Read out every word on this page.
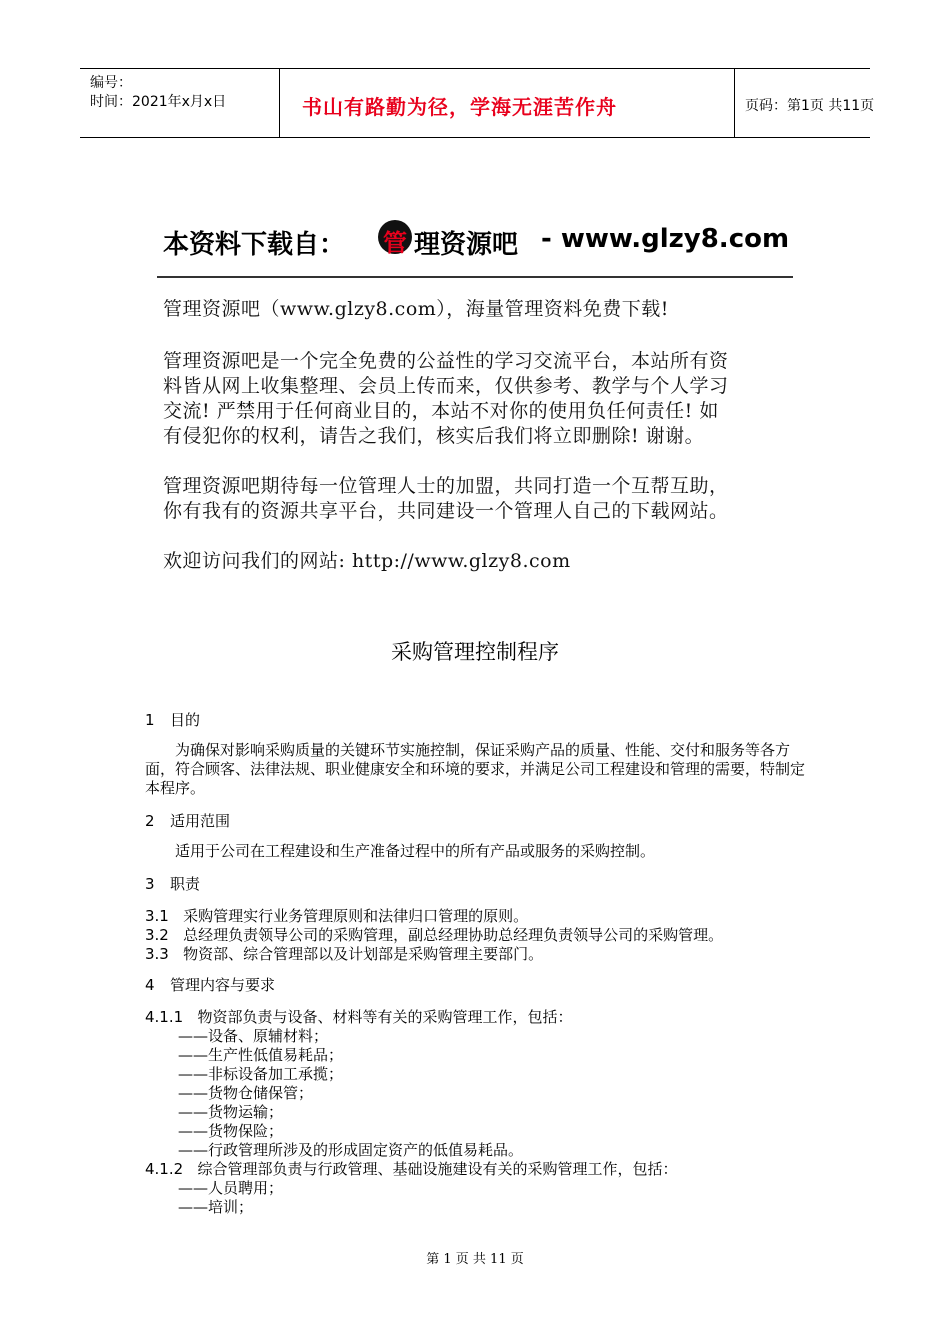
编号：
时间：2021年x月x日	书山有路勤为径，学海无涯苦作舟	页码：第1页 共11页
本资料下载自： 管 理资源吧 - www.glzy8.com
管理资源吧（www.glzy8.com），海量管理资料免费下载!
管理资源吧是一个完全免费的公益性的学习交流平台，本站所有资
料皆从网上收集整理、会员上传而来，仅供参考、教学与个人学习
交流! 严禁用于任何商业目的，本站不对你的使用负任何责任! 如
有侵犯你的权利，请告之我们，核实后我们将立即删除! 谢谢。
管理资源吧期待每一位管理人士的加盟，共同打造一个互帮互助，
你有我有的资源共享平台，共同建设一个管理人自己的下载网站。
欢迎访问我们的网站: http://www.glzy8.com
采购管理控制程序
1 目的
为确保对影响采购质量的关键环节实施控制，保证采购产品的质量、性能、交付和服务等各方面，符合顾客、法律法规、职业健康安全和环境的要求，并满足公司工程建设和管理的需要，特制定本程序。
2 适用范围
适用于公司在工程建设和生产准备过程中的所有产品或服务的采购控制。
3 职责
3.1 采购管理实行业务管理原则和法律归口管理的原则。
3.2 总经理负责领导公司的采购管理，副总经理协助总经理负责领导公司的采购管理。
3.3 物资部、综合管理部以及计划部是采购管理主要部门。
4 管理内容与要求
4.1.1 物资部负责与设备、材料等有关的采购管理工作，包括：
——设备、原辅材料；
——生产性低值易耗品；
——非标设备加工承揽；
——货物仓储保管；
——货物运输；
——货物保险；
——行政管理所涉及的形成固定资产的低值易耗品。
4.1.2 综合管理部负责与行政管理、基础设施建设有关的采购管理工作，包括：
——人员聘用；
——培训；
第 1 页 共 11 页
